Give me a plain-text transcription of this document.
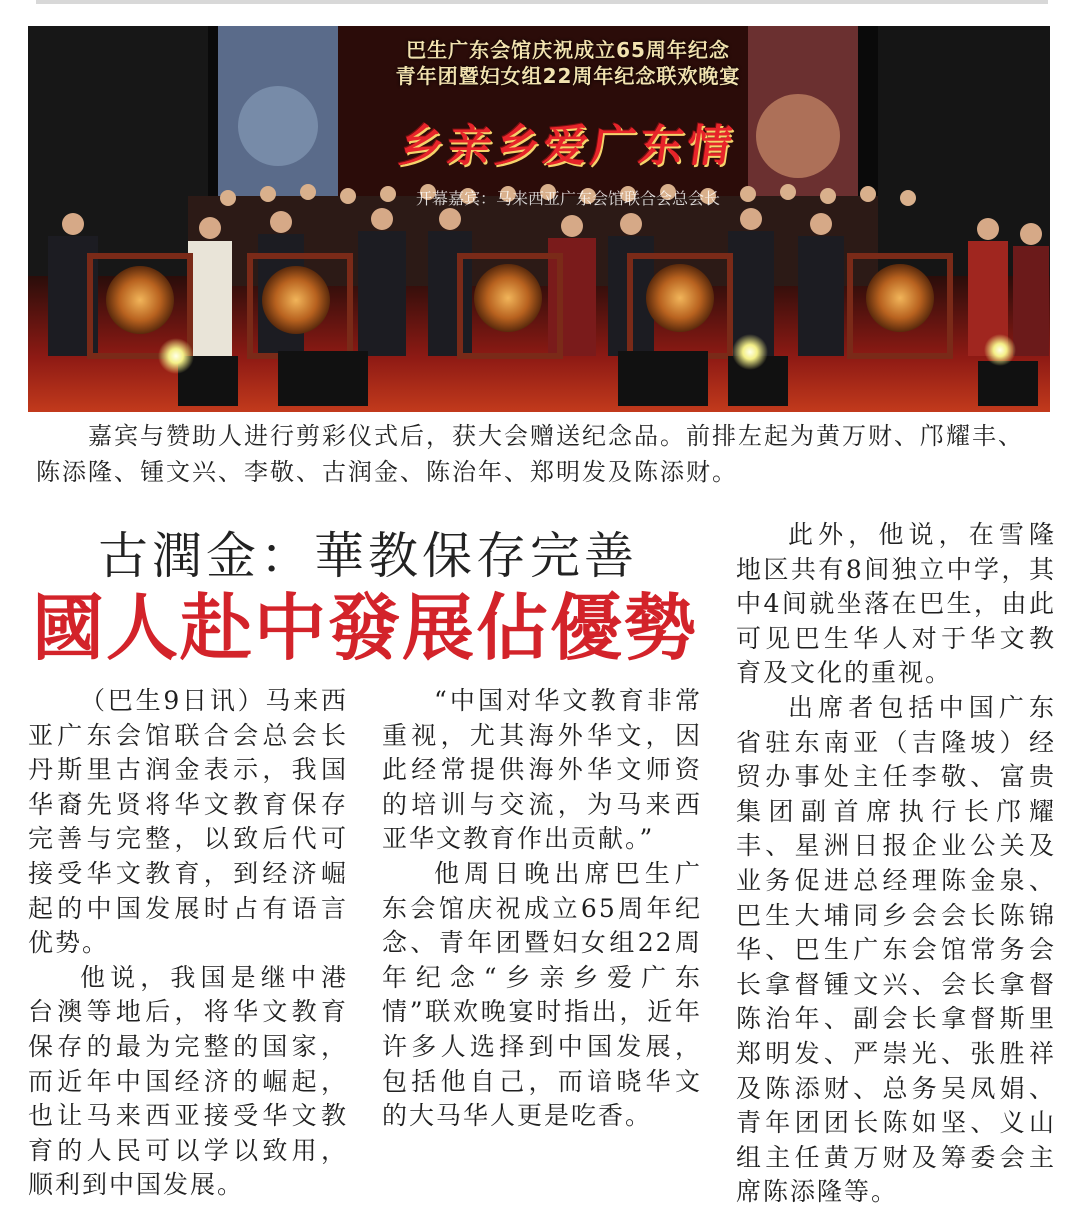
巴生广东会馆庆祝成立65周年纪念
青年团暨妇女组22周年纪念联欢晚宴
乡亲乡爱广东情
开幕嘉宾：马来西亚广东会馆联合会总会长

嘉宾与赞助人进行剪彩仪式后，获大会赠送纪念品。前排左起为黄万财、邝耀丰、陈添隆、锺文兴、李敬、古润金、陈治年、郑明发及陈添财。

古潤金：華教保存完善
國人赴中發展佔優勢

（巴生9日讯）马来西亚广东会馆联合会总会长丹斯里古润金表示，我国华裔先贤将华文教育保存完善与完整，以致后代可接受华文教育，到经济崛起的中国发展时占有语言优势。

他说，我国是继中港台澳等地后，将华文教育保存的最为完整的国家，而近年中国经济的崛起，也让马来西亚接受华文教育的人民可以学以致用，顺利到中国发展。

“中国对华文教育非常重视，尤其海外华文，因此经常提供海外华文师资的培训与交流，为马来西亚华文教育作出贡献。”

他周日晚出席巴生广东会馆庆祝成立65周年纪念、青年团暨妇女组22周年纪念“乡亲乡爱广东情”联欢晚宴时指出，近年许多人选择到中国发展，包括他自己，而谙晓华文的大马华人更是吃香。

此外，他说，在雪隆地区共有8间独立中学，其中4间就坐落在巴生，由此可见巴生华人对于华文教育及文化的重视。

出席者包括中国广东省驻东南亚（吉隆坡）经贸办事处主任李敬、富贵集团副首席执行长邝耀丰、星洲日报企业公关及业务促进总经理陈金泉、巴生大埔同乡会会长陈锦华、巴生广东会馆常务会长拿督锺文兴、会长拿督陈治年、副会长拿督斯里郑明发、严崇光、张胜祥及陈添财、总务吴凤娟、青年团团长陈如坚、义山组主任黄万财及筹委会主席陈添隆等。
